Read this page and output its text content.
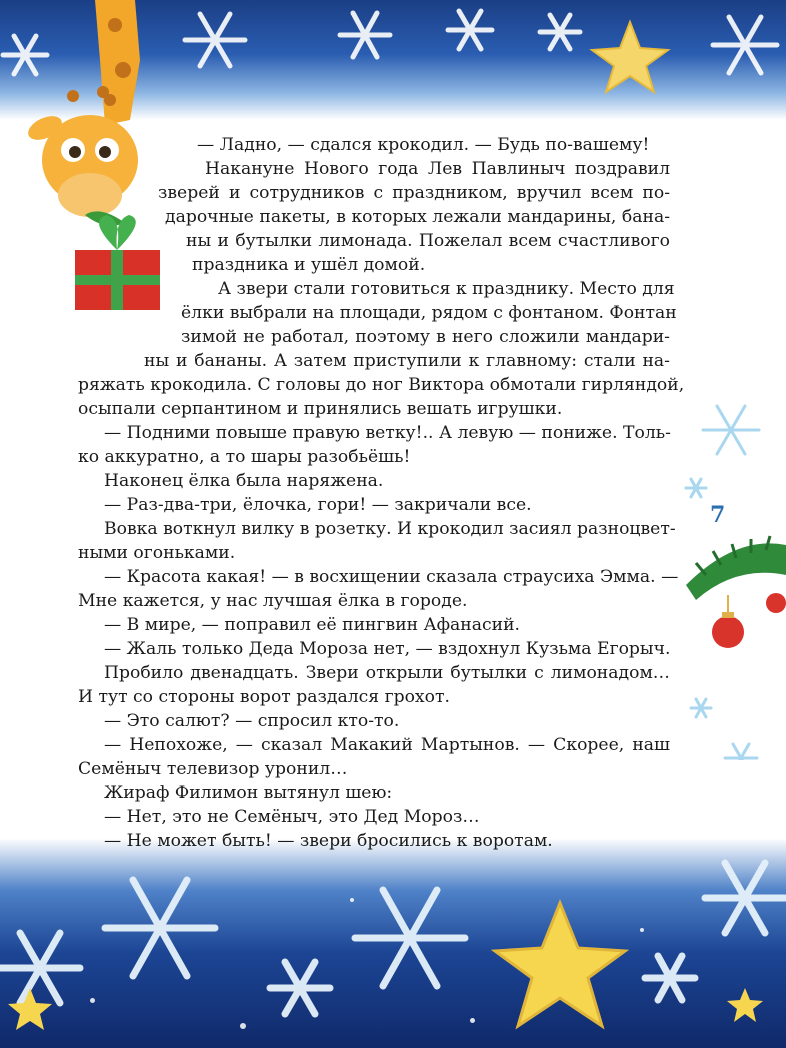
— Ладно, — сдался крокодил. — Будь по-вашему!
Накануне Нового года Лев Павлиныч поздравил
зверей и сотрудников с праздником, вручил всем по-
дарочные пакеты, в которых лежали мандарины, бана-
ны и бутылки лимонада. Пожелал всем счастливого
праздника и ушёл домой.
А звери стали готовиться к празднику. Место для
ёлки выбрали на площади, рядом с фонтаном. Фонтан
зимой не работал, поэтому в него сложили мандари-
ны и бананы. А затем приступили к главному: стали на-
ряжать крокодила. С головы до ног Виктора обмотали гирляндой,
осыпали серпантином и принялись вешать игрушки.
— Подними повыше правую ветку!.. А левую — пониже. Толь-
ко аккуратно, а то шары разобьёшь!
Наконец ёлка была наряжена.
— Раз-два-три, ёлочка, гори! — закричали все.
Вовка воткнул вилку в розетку. И крокодил засиял разноцвет-
ными огоньками.
— Красота какая! — в восхищении сказала страусиха Эмма. —
Мне кажется, у нас лучшая ёлка в городе.
— В мире, — поправил её пингвин Афанасий.
— Жаль только Деда Мороза нет, — вздохнул Кузьма Егорыч.
Пробило двенадцать. Звери открыли бутылки с лимонадом…
И тут со стороны ворот раздался грохот.
— Это салют? — спросил кто-то.
— Непохоже, — сказал Макакий Мартынов. — Скорее, наш
Семёныч телевизор уронил…
Жираф Филимон вытянул шею:
— Нет, это не Семёныч, это Дед Мороз…
— Не может быть! — звери бросились к воротам.
7
